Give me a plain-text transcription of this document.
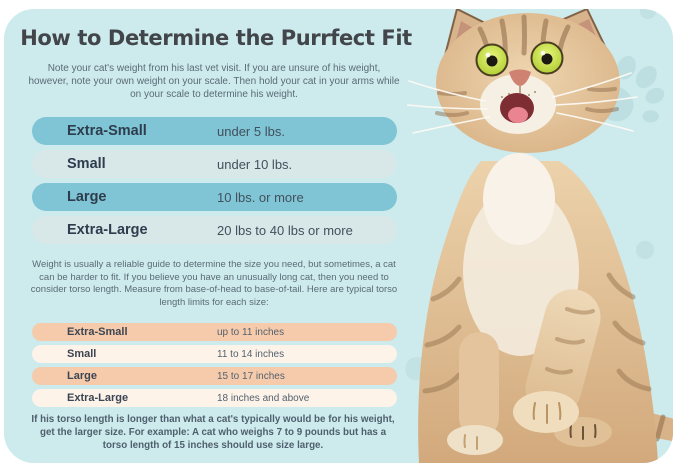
How to Determine the Purrfect Fit

Note your cat's weight from his last vet visit. If you are unsure of his weight, however, note your own weight on your scale. Then hold your cat in your arms while on your scale to determine his weight.

Extra-Small	under 5 lbs.
Small	under 10 lbs.
Large	10 lbs. or more
Extra-Large	20 lbs to 40 lbs or more

Weight is usually a reliable guide to determine the size you need, but sometimes, a cat can be harder to fit. If you believe you have an unusually long cat, then you need to consider torso length. Measure from base-of-head to base-of-tail. Here are typical torso length limits for each size:

Extra-Small	up to 11 inches
Small	11 to 14 inches
Large	15 to 17 inches
Extra-Large	18 inches and above

If his torso length is longer than what a cat's typically would be for his weight, get the larger size. For example: A cat who weighs 7 to 9 pounds but has a torso length of 15 inches should use size large.
